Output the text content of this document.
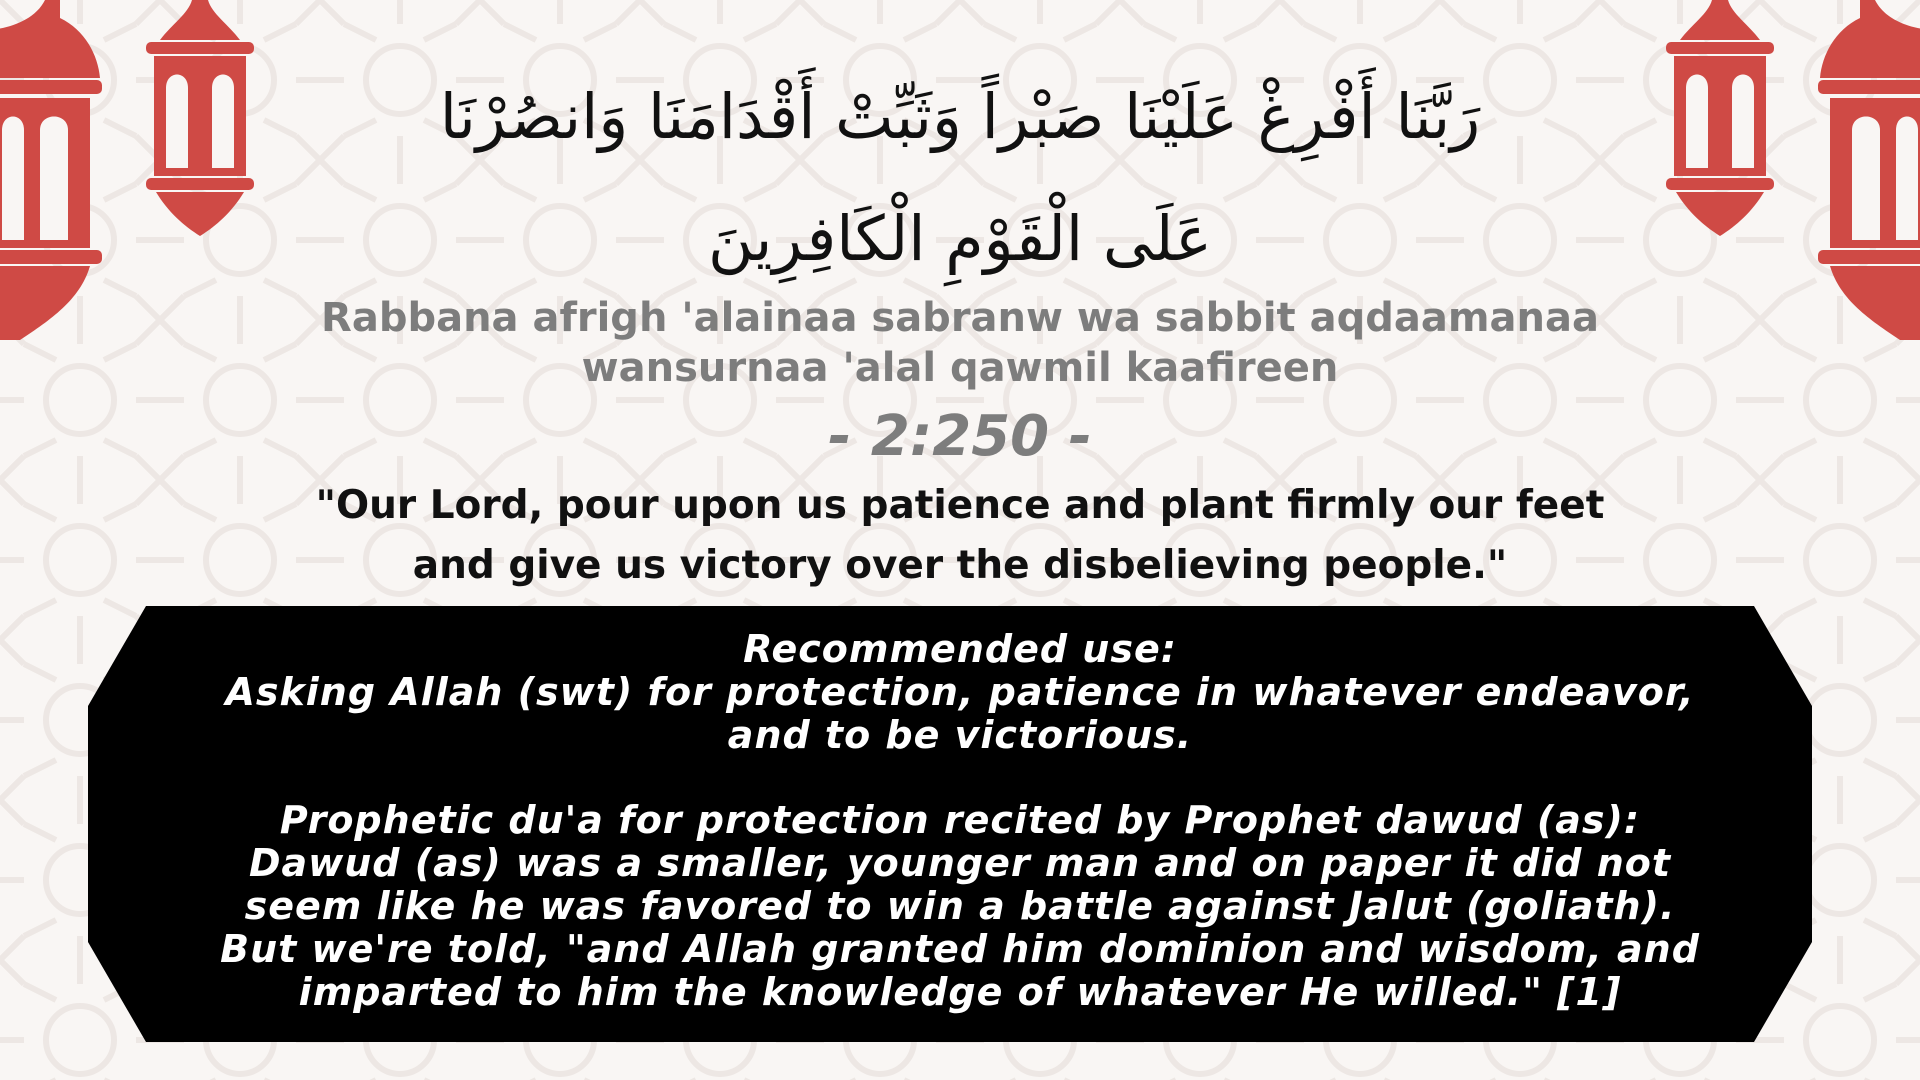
رَبَّنَا أَفْرِغْ عَلَيْنَا صَبْراً وَثَبِّتْ أَقْدَامَنَا وَانصُرْنَا
عَلَى الْقَوْمِ الْكَافِرِينَ
Rabbana afrigh 'alainaa sabranw wa sabbit aqdaamanaa
wansurnaa 'alal qawmil kaafireen
- 2:250 -
"Our Lord, pour upon us patience and plant firmly our feet
and give us victory over the disbelieving people."
Recommended use:
Asking Allah (swt) for protection, patience in whatever endeavor,
and to be victorious.
Prophetic du'a for protection recited by Prophet dawud (as):
Dawud (as) was a smaller, younger man and on paper it did not
seem like he was favored to win a battle against Jalut (goliath).
But we're told, "and Allah granted him dominion and wisdom, and
imparted to him the knowledge of whatever He willed." [1]
